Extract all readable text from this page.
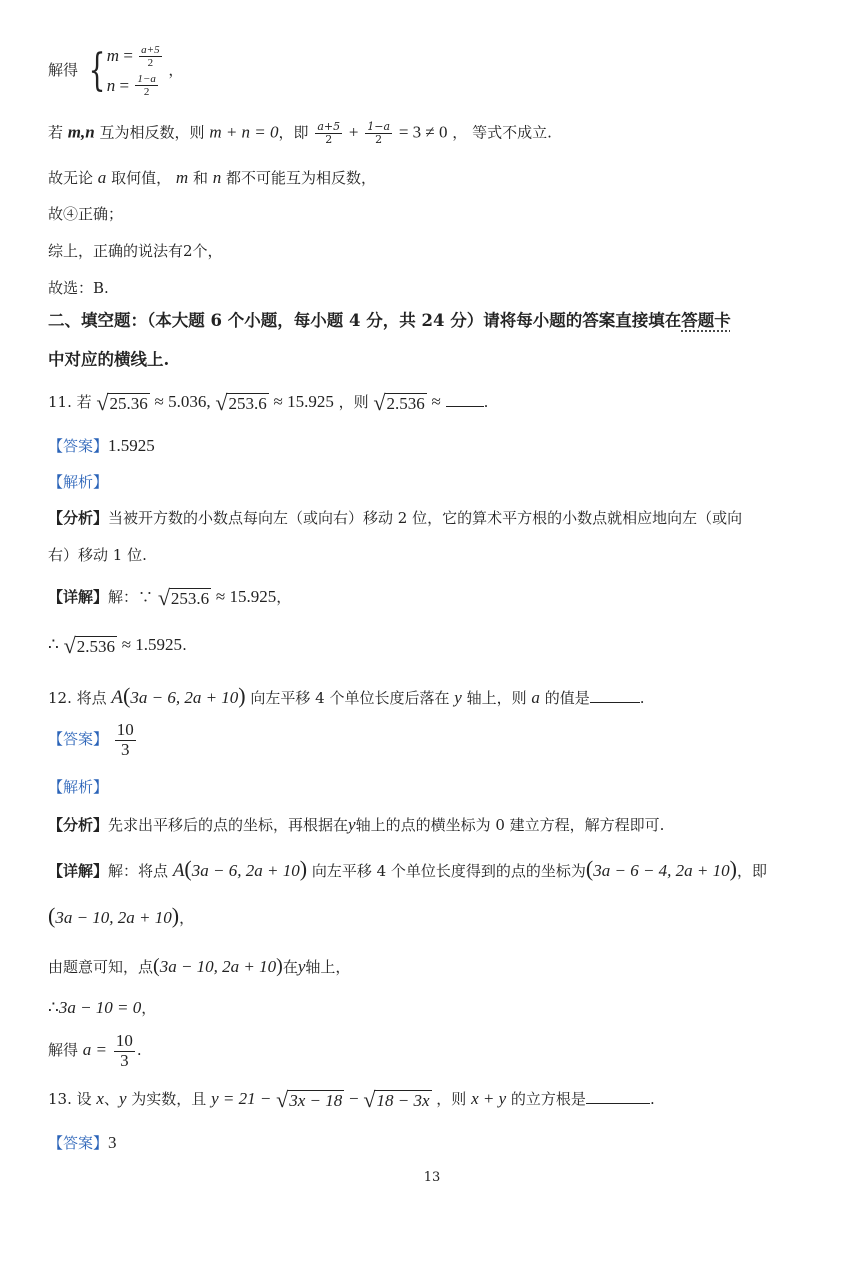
解得 { $m = \frac{a+5}{2}$
$n = \frac{1-a}{2}$
，
若 m,n 互为相反数，则 m + n = 0，即 $\frac{a+5}{2} + \frac{1-a}{2} = 3 \ne 0$ ， 等式不成立.
故无论 a 取何值， m 和 n 都不可能互为相反数，
故④正确；
综上，正确的说法有2个，
故选：B.
二、填空题：（本大题 6 个小题，每小题 4 分，共 24 分）请将每小题的答案直接填在答题卡
中对应的横线上.
11. 若 √ 25.36 ≈ 5.036, √ 253.6 ≈ 15.925 ，则 √ 2.536 ≈	.
【答案】1.5925
【解析】
【分析】当被开方数的小数点每向左（或向右）移动 2 位，它的算术平方根的小数点就相应地向左（或向
右）移动 1 位.
【详解】解：∵ √ 253.6 ≈ 15.925，
∴ √ 2.536 ≈ 1.5925.
12. 将点 A(3a − 6, 2a + 10) 向左平移 4 个单位长度后落在 y 轴上，则 a 的值是	.
【答案】 $\frac{10}{3}$
【解析】
【分析】先求出平移后的点的坐标，再根据在y轴上的点的横坐标为 0 建立方程，解方程即可.
【详解】解：将点 A(3a − 6, 2a + 10) 向左平移 4 个单位长度得到的点的坐标为(3a − 6 − 4, 2a + 10)，即
(3a − 10, 2a + 10)，
由题意可知，点(3a − 10, 2a + 10)在y轴上，
∴3a − 10 = 0，
解得 $a = \frac{10}{3}$ .
13. 设 x、y 为实数，且 y = 21 − √ 3x − 18 − √ 18 − 3x ，则 x + y 的立方根是	.
【答案】3
13
